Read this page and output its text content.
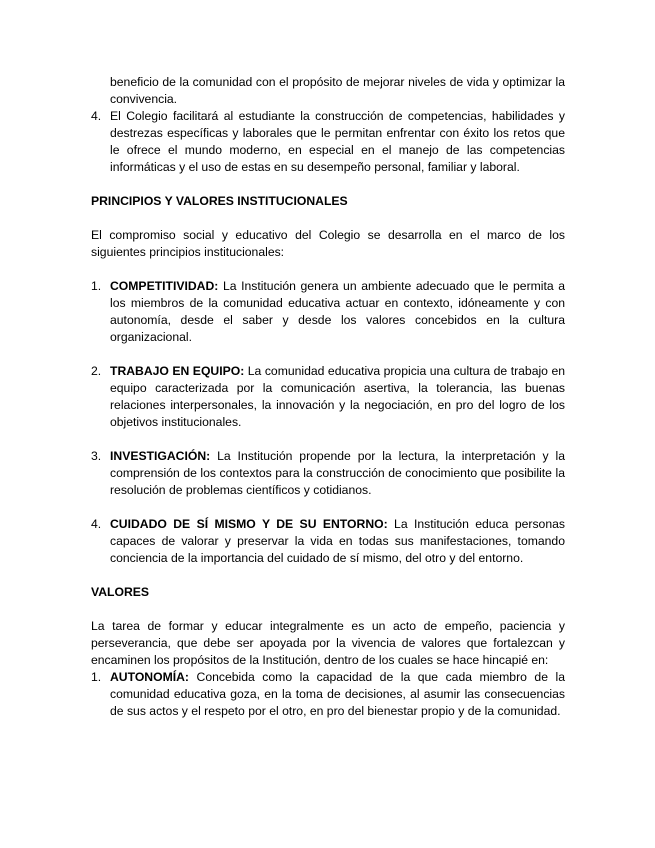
beneficio de la comunidad con el propósito de mejorar niveles de vida y optimizar la convivencia.
4. El Colegio facilitará al estudiante la construcción de competencias, habilidades y destrezas específicas y laborales que le permitan enfrentar con éxito los retos que le ofrece el mundo moderno, en especial en el manejo de las competencias informáticas y el uso de estas en su desempeño personal, familiar y laboral.

PRINCIPIOS Y VALORES INSTITUCIONALES

El compromiso social y educativo del Colegio se desarrolla en el marco de los siguientes principios institucionales:

1. COMPETITIVIDAD: La Institución genera un ambiente adecuado que le permita a los miembros de la comunidad educativa actuar en contexto, idóneamente y con autonomía, desde el saber y desde los valores concebidos en la cultura organizacional.
2. TRABAJO EN EQUIPO: La comunidad educativa propicia una cultura de trabajo en equipo caracterizada por la comunicación asertiva, la tolerancia, las buenas relaciones interpersonales, la innovación y la negociación, en pro del logro de los objetivos institucionales.
3. INVESTIGACIÓN: La Institución propende por la lectura, la interpretación y la comprensión de los contextos para la construcción de conocimiento que posibilite la resolución de problemas científicos y cotidianos.
4. CUIDADO DE SÍ MISMO Y DE SU ENTORNO: La Institución educa personas capaces de valorar y preservar la vida en todas sus manifestaciones, tomando conciencia de la importancia del cuidado de sí mismo, del otro y del entorno.

VALORES

La tarea de formar y educar integralmente es un acto de empeño, paciencia y perseverancia, que debe ser apoyada por la vivencia de valores que fortalezcan y encaminen los propósitos de la Institución, dentro de los cuales se hace hincapié en:

1. AUTONOMÍA: Concebida como la capacidad de la que cada miembro de la comunidad educativa goza, en la toma de decisiones, al asumir las consecuencias de sus actos y el respeto por el otro, en pro del bienestar propio y de la comunidad.
